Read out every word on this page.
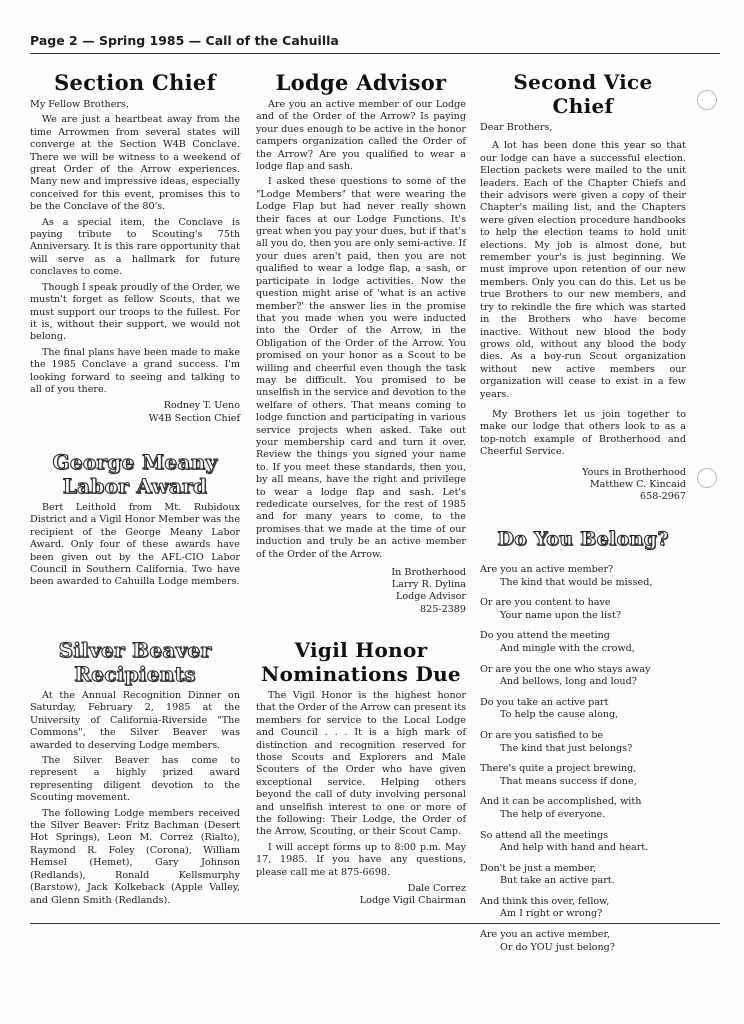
Page 2 — Spring 1985 — Call of the Cahuilla
Section Chief

My Fellow Brothers,

We are just a heartbeat away from the time Arrowmen from several states will converge at the Section W4B Conclave. There we will be witness to a weekend of great Order of the Arrow experiences. Many new and impressive ideas, especially conceived for this event, promises this to be the Conclave of the 80's.

As a special item, the Conclave is paying tribute to Scouting's 75th Anniversary. It is this rare opportunity that will serve as a hallmark for future conclaves to come.

Though I speak proudly of the Order, we mustn't forget as fellow Scouts, that we must support our troops to the fullest. For it is, without their support, we would not belong.

The final plans have been made to make the 1985 Conclave a grand success. I'm looking forward to seeing and talking to all of you there.

Rodney T. Ueno
W4B Section Chief
George Meany
Labor Award

Bert Leithold from Mt. Rubidoux District and a Vigil Honor Member was the recipient of the George Meany Labor Award. Only four of these awards have been given out by the AFL-CIO Labor Council in Southern California. Two have been awarded to Cahuilla Lodge members.

Silver Beaver
Recipients

At the Annual Recognition Dinner on Saturday, February 2, 1985 at the University of California-Riverside "The Commons", the Silver Beaver was awarded to deserving Lodge members.

The Silver Beaver has come to represent a highly prized award representing diligent devotion to the Scouting movement.

The following Lodge members received the Silver Beaver: Fritz Bachman (Desert Hot Springs), Leon M. Correz (Rialto), Raymond R. Foley (Corona), William Hemsel (Hemet), Gary Johnson (Redlands), Ronald Kellsmurphy (Barstow), Jack Kolkeback (Apple Valley, and Glenn Smith (Redlands).

Lodge Advisor

Are you an active member of our Lodge and of the Order of the Arrow? Is paying your dues enough to be active in the honor campers organization called the Order of the Arrow? Are you qualified to wear a lodge flap and sash.

I asked these questions to some of the "Lodge Members" that were wearing the Lodge Flap but had never really shown their faces at our Lodge Functions. It's great when you pay your dues, but if that's all you do, then you are only semi-active. If your dues aren't paid, then you are not qualified to wear a lodge flap, a sash, or participate in lodge activities. Now the question might arise of 'what is an active member?' the answer lies in the promise that you made when you were inducted into the Order of the Arrow, in the Obligation of the Order of the Arrow. You promised on your honor as a Scout to be willing and cheerful even though the task may be difficult. You promised to be unselfish in the service and devotion to the welfare of others. That means coming to lodge function and participating in various service projects when asked. Take out your membership card and turn it over. Review the things you signed your name to. If you meet these standards, then you, by all means, have the right and privilege to wear a lodge flap and sash. Let's rededicate ourselves, for the rest of 1985 and for many years to come, to the promises that we made at the time of our induction and truly be an active member of the Order of the Arrow.

In Brotherhood
Larry R. Dylina
Lodge Advisor
825-2389
Vigil Honor
Nominations Due

The Vigil Honor is the highest honor that the Order of the Arrow can present its members for service to the Local Lodge and Council . . . It is a high mark of distinction and recognition reserved for those Scouts and Explorers and Male Scouters of the Order who have given exceptional service. Helping others beyond the call of duty involving personal and unselfish interest to one or more of the following: Their Lodge, the Order of the Arrow, Scouting, or their Scout Camp.

I will accept forms up to 8:00 p.m. May 17, 1985. If you have any questions, please call me at 875-6698.

Dale Correz
Lodge Vigil Chairman
Second Vice Chief

Dear Brothers,

A lot has been done this year so that our lodge can have a successful election. Election packets were mailed to the unit leaders. Each of the Chapter Chiefs and their advisors were given a copy of their Chapter's mailing list, and the Chapters were given election procedure handbooks to help the election teams to hold unit elections. My job is almost done, but remember your's is just beginning. We must improve upon retention of our new members. Only you can do this. Let us be true Brothers to our new members, and try to rekindle the fire which was started in the Brothers who have become inactive. Without new blood the body grows old, without any blood the body dies. As a boy-run Scout organization without new active members our organization will cease to exist in a few years.

My Brothers let us join together to make our lodge that others look to as a top-notch example of Brotherhood and Cheerful Service.

Yours in Brotherhood
Matthew C. Kincaid
658-2967
Do You Belong?
Are you an active member?
The kind that would be missed,
Or are you content to have
Your name upon the list?
Do you attend the meeting
And mingle with the crowd,
Or are you the one who stays away
And bellows, long and loud?
Do you take an active part
To help the cause along,
Or are you satisfied to be
The kind that just belongs?
There's quite a project brewing,
That means success if done,
And it can be accomplished, with
The help of everyone.
So attend all the meetings
And help with hand and heart.
Don't be just a member,
But take an active part.
And think this over, fellow,
Am I right or wrong?
Are you an active member,
Or do YOU just belong?
